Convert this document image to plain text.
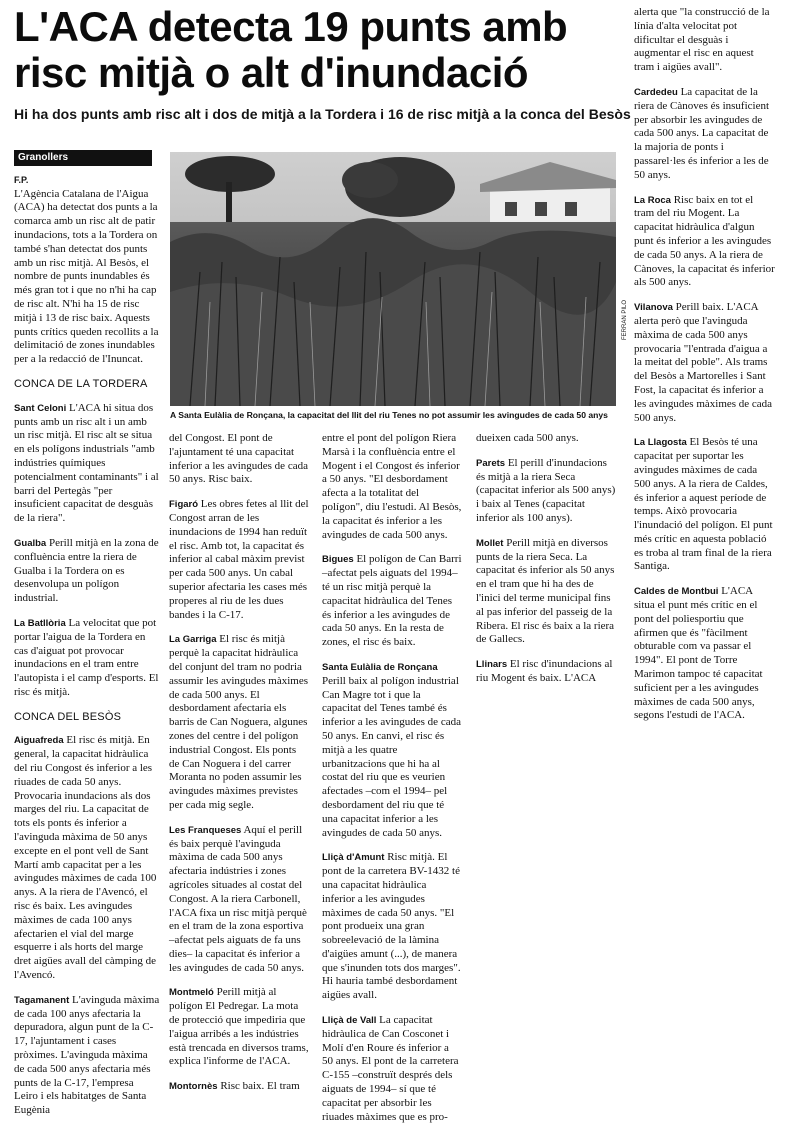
L'ACA detecta 19 punts amb risc mitjà o alt d'inundació
Hi ha dos punts amb risc alt i dos de mitjà a la Tordera i 16 de risc mitjà a la conca del Besòs
FERRAN PILO

A Santa Eulàlia de Ronçana, la capacitat del llit del riu Tenes no pot assumir les avingudes de cada 50 anys

Granollers
F.P.

L'Agència Catalana de l'Aigua (ACA) ha detectat dos punts a la comarca amb un risc alt de patir inundacions, tots a la Tordera on també s'han detectat dos punts amb un risc mitjà. Al Besòs, el nombre de punts inundables és més gran tot i que no n'hi ha cap de risc alt. N'hi ha 15 de risc mitjà i 13 de risc baix. Aquests punts crítics queden recollits a la delimitació de zones inundables per a la redacció de l'Inuncat.

CONCA DE LA TORDERA

Sant Celoni L'ACA hi situa dos punts amb un risc alt i un amb un risc mitjà. El risc alt se situa en els polígons industrials "amb indústries químiques potencialment contaminants" i al barri del Pertegàs "per insuficient capacitat de desguàs de la riera".

Gualba Perill mitjà en la zona de confluència entre la riera de Gualba i la Tordera on es desenvolupa un polígon industrial.

La Batllòria La velocitat que pot portar l'aigua de la Tordera en cas d'aiguat pot provocar inundacions en el tram entre l'autopista i el camp d'esports. El risc és mitjà.

CONCA DEL BESÒS

Aiguafreda El risc és mitjà. En general, la capacitat hidràulica del riu Congost és inferior a les riuades de cada 50 anys. Provocaria inundacions als dos marges del riu. La capacitat de tots els ponts és inferior a l'avinguda màxima de 50 anys excepte en el pont vell de Sant Martí amb capacitat per a les avingudes màximes de cada 100 anys. A la riera de l'Avencó, el risc és baix. Les avingudes màximes de cada 100 anys afectarien el vial del marge esquerre i als horts del marge dret aigües avall del càmping de l'Avencó.

Tagamanent L'avinguda màxima de cada 100 anys afectaria la depuradora, algun punt de la C-17, l'ajuntament i cases pròximes. L'avinguda màxima de cada 500 anys afectaria més punts de la C-17, l'empresa Leiro i els habitatges de Santa Eugènia

del Congost. El pont de l'ajuntament té una capacitat inferior a les avingudes de cada 50 anys. Risc baix.

Figaró Les obres fetes al llit del Congost arran de les inundacions de 1994 han reduït el risc. Amb tot, la capacitat és inferior al cabal màxim previst per cada 500 anys. Un cabal superior afectaria les cases més properes al riu de les dues bandes i la C-17.

La Garriga El risc és mitjà perquè la capacitat hidràulica del conjunt del tram no podria assumir les avingudes màximes de cada 500 anys. El desbordament afectaria els barris de Can Noguera, algunes zones del centre i del polígon industrial Congost. Els ponts de Can Noguera i del carrer Moranta no poden assumir les avingudes màximes previstes per cada mig segle.

Les Franqueses Aquí el perill és baix perquè l'avinguda màxima de cada 500 anys afectaria indústries i zones agrícoles situades al costat del Congost. A la riera Carbonell, l'ACA fixa un risc mitjà perquè en el tram de la zona esportiva –afectat pels aiguats de fa uns dies– la capacitat és inferior a les avingudes de cada 50 anys.

Montmeló Perill mitjà al polígon El Pedregar. La mota de protecció que impediria que l'aigua arribés a les indústries està trencada en diversos trams, explica l'informe de l'ACA.

Montornès Risc baix. El tram

entre el pont del polígon Riera Marsà i la confluència entre el Mogent i el Congost és inferior a 50 anys. "El desbordament afecta a la totalitat del polígon", diu l'estudi. Al Besòs, la capacitat és inferior a les avingudes de cada 500 anys.

Bigues El polígon de Can Barri –afectat pels aiguats del 1994– té un risc mitjà perquè la capacitat hidràulica del Tenes és inferior a les avingudes de cada 50 anys. En la resta de zones, el risc és baix.

Santa Eulàlia de Ronçana
Perill baix al polígon industrial Can Magre tot i que la capacitat del Tenes també és inferior a les avingudes de cada 50 anys. En canvi, el risc és mitjà a les quatre urbanitzacions que hi ha al costat del riu que es veurien afectades –com el 1994– pel desbordament del riu que té una capacitat inferior a les avingudes de cada 50 anys.

Lliçà d'Amunt Risc mitjà. El pont de la carretera BV-1432 té una capacitat hidràulica inferior a les avingudes màximes de cada 50 anys. "El pont produeix una gran sobreelevació de la làmina d'aigües amunt (...), de manera que s'inunden tots dos marges". Hi hauria també desbordament aigües avall.

Lliçà de Vall La capacitat hidràulica de Can Cosconet i Molí d'en Roure és inferior a 50 anys. El pont de la carretera C-155 –construït després dels aiguats de 1994– sí que té capacitat per absorbir les riuades màximes que es pro-

dueixen cada 500 anys.

Parets El perill d'inundacions és mitjà a la riera Seca (capacitat inferior als 500 anys) i baix al Tenes (capacitat inferior als 100 anys).

Mollet Perill mitjà en diversos punts de la riera Seca. La capacitat és inferior als 50 anys en el tram que hi ha des de l'inici del terme municipal fins al pas inferior del passeig de la Ribera. El risc és baix a la riera de Gallecs.

Llinars El risc d'inundacions al riu Mogent és baix. L'ACA

alerta que "la construcció de la línia d'alta velocitat pot dificultar el desguàs i augmentar el risc en aquest tram i aigües avall".

Cardedeu La capacitat de la riera de Cànoves és insuficient per absorbir les avingudes de cada 500 anys. La capacitat de la majoria de ponts i passarel·les és inferior a les de 50 anys.

La Roca Risc baix en tot el tram del riu Mogent. La capacitat hidràulica d'algun punt és inferior a les avingudes de cada 50 anys. A la riera de Cànoves, la capacitat és inferior als 500 anys.

Vilanova Perill baix. L'ACA alerta però que l'avinguda màxima de cada 500 anys provocaria "l'entrada d'aigua a la meitat del poble". Als trams del Besòs a Martorelles i Sant Fost, la capacitat és inferior a les avingudes màximes de cada 500 anys.

La Llagosta El Besòs té una capacitat per suportar les avingudes màximes de cada 500 anys. A la riera de Caldes, és inferior a aquest període de temps. Això provocaria l'inundació del polígon. El punt més crític en aquesta població es troba al tram final de la riera Santiga.

Caldes de Montbui L'ACA situa el punt més crític en el pont del poliesportiu que afirmen que és "fàcilment obturable com va passar el 1994". El pont de Torre Marimon tampoc té capacitat suficient per a les avingudes màximes de cada 500 anys, segons l'estudi de l'ACA.
